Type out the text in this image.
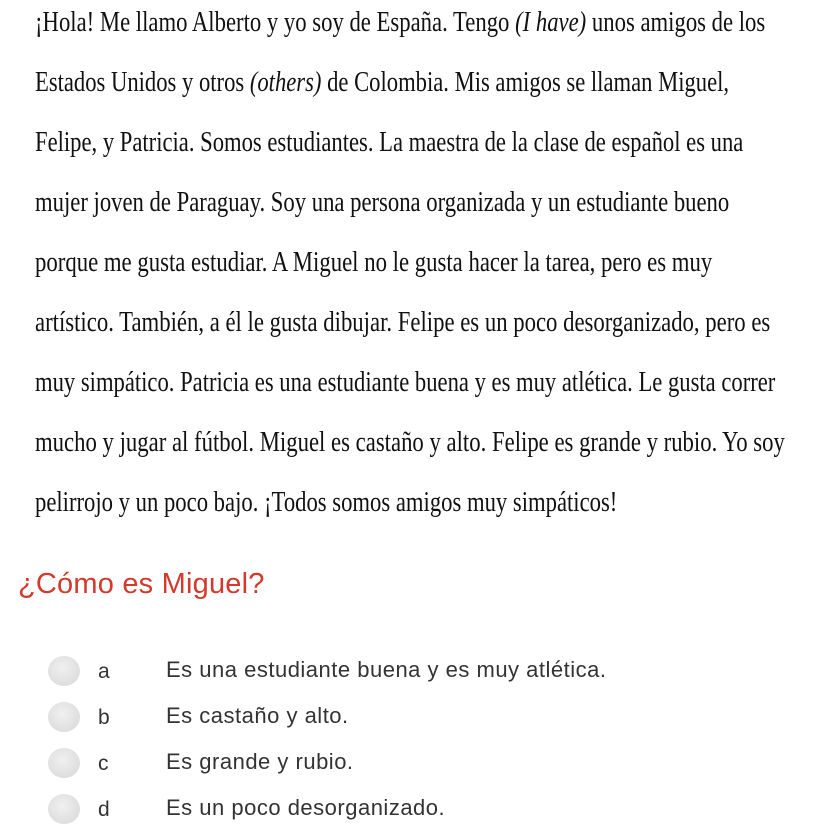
¡Hola! Me llamo Alberto y yo soy de España. Tengo (I have) unos amigos de los
Estados Unidos y otros (others) de Colombia. Mis amigos se llaman Miguel,
Felipe, y Patricia. Somos estudiantes. La maestra de la clase de español es una
mujer joven de Paraguay. Soy una persona organizada y un estudiante bueno
porque me gusta estudiar. A Miguel no le gusta hacer la tarea, pero es muy
artístico. También, a él le gusta dibujar. Felipe es un poco desorganizado, pero es
muy simpático. Patricia es una estudiante buena y es muy atlética. Le gusta correr
mucho y jugar al fútbol. Miguel es castaño y alto. Felipe es grande y rubio. Yo soy
pelirrojo y un poco bajo. ¡Todos somos amigos muy simpáticos!
¿Cómo es Miguel?
a	Es una estudiante buena y es muy atlética.
b	Es castaño y alto.
c	Es grande y rubio.
d	Es un poco desorganizado.
